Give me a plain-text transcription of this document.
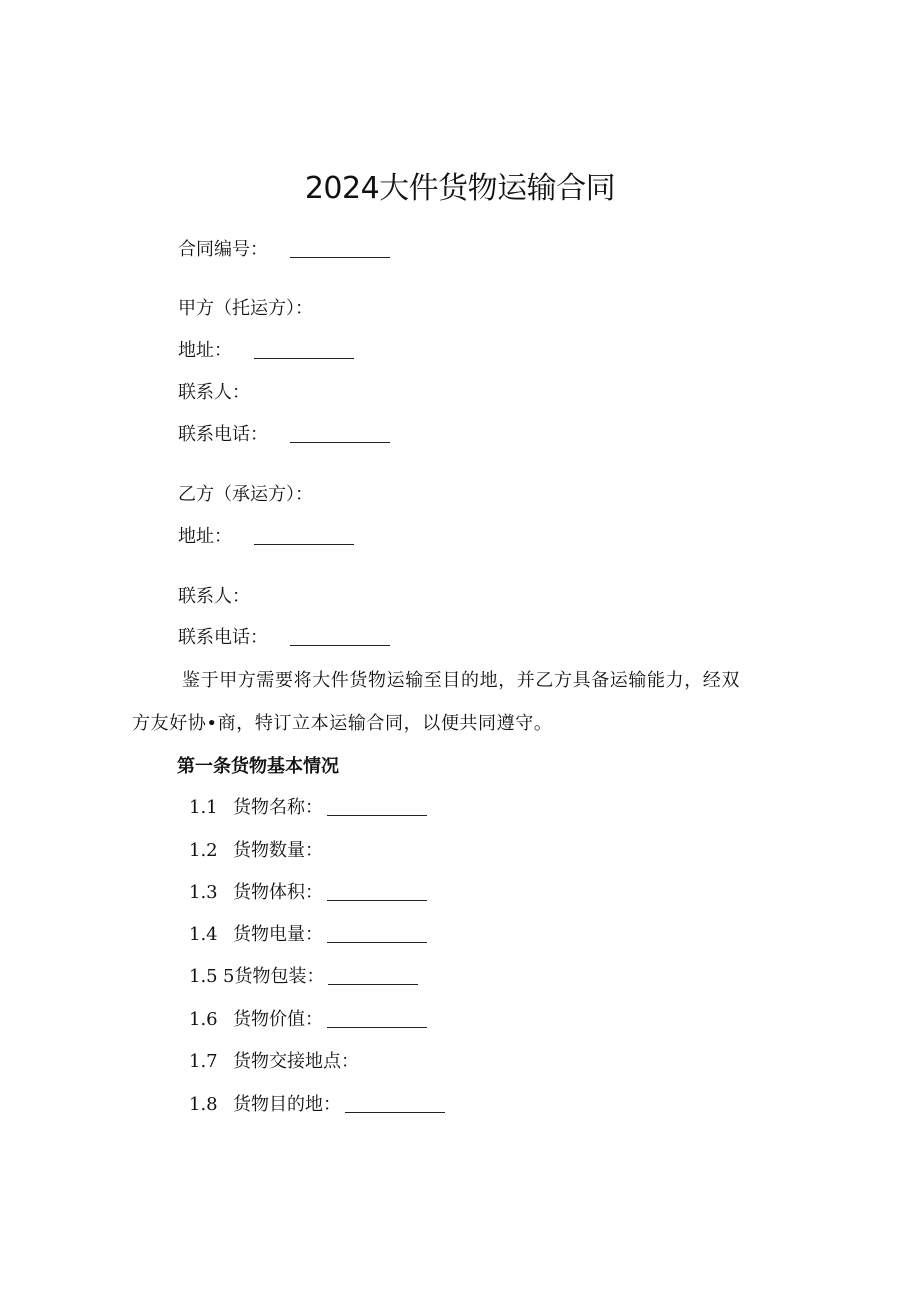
2024大件货物运输合同
合同编号：
甲方（托运方）：
地址：
联系人：
联系电话：
乙方（承运方）：
地址：
联系人：
联系电话：
鉴于甲方需要将大件货物运输至目的地，并乙方具备运输能力，经双
方友好协•商，特订立本运输合同，以便共同遵守。
第一条货物基本情况
1.1 货物名称：
1.2 货物数量：
1.3 货物体积：
1.4 货物电量：
1.5 5货物包装：
1.6 货物价值：
1.7 货物交接地点：
1.8 货物目的地：
